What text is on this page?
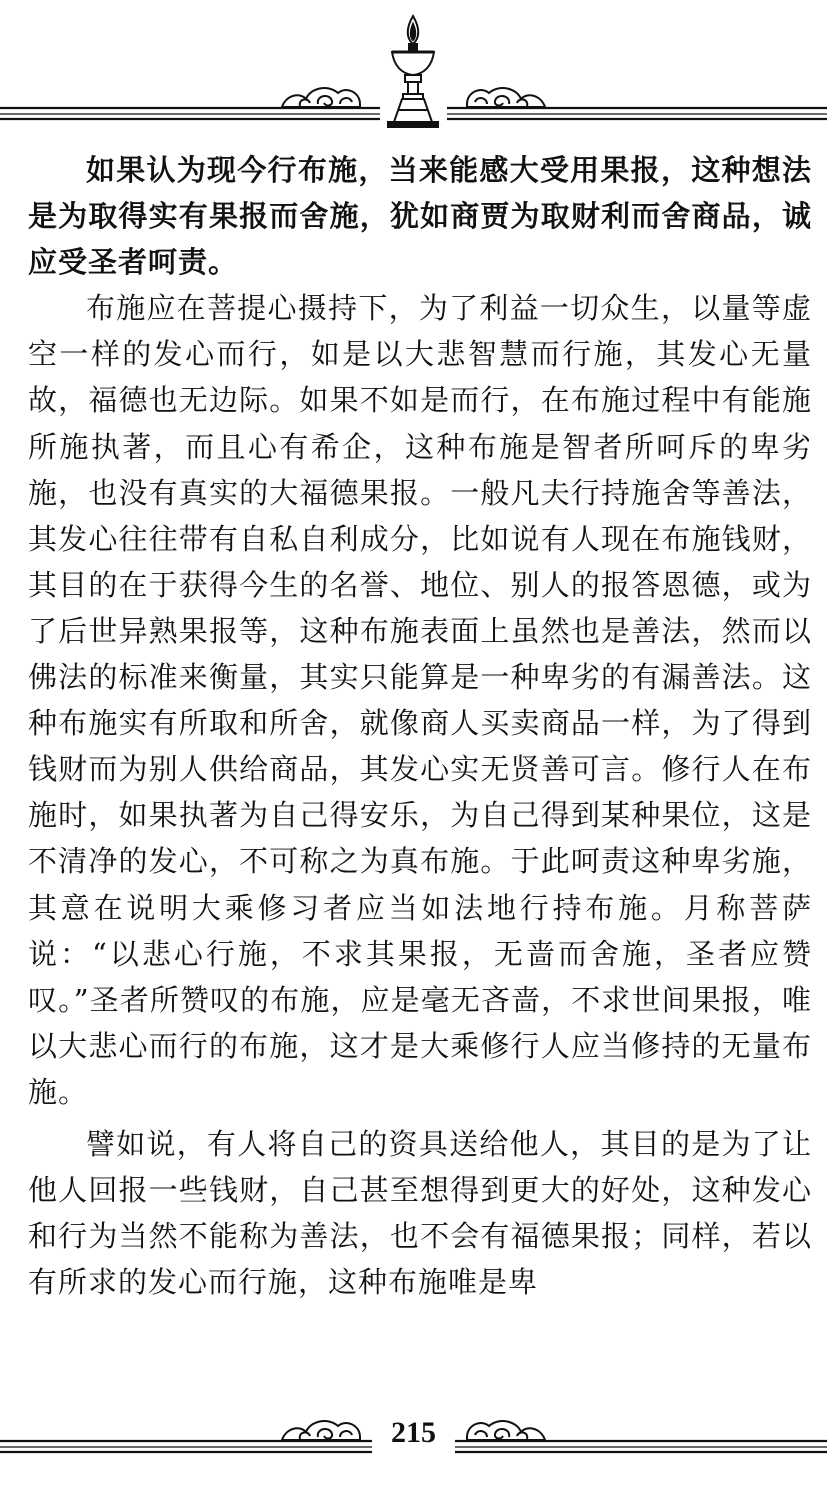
如果认为现今行布施，当来能感大受用果报，这种想法是为取得实有果报而舍施，犹如商贾为取财利而舍商品，诚应受圣者呵责。

布施应在菩提心摄持下，为了利益一切众生，以量等虚空一样的发心而行，如是以大悲智慧而行施，其发心无量故，福德也无边际。如果不如是而行，在布施过程中有能施所施执著，而且心有希企，这种布施是智者所呵斥的卑劣施，也没有真实的大福德果报。一般凡夫行持施舍等善法，其发心往往带有自私自利成分，比如说有人现在布施钱财，其目的在于获得今生的名誉、地位、别人的报答恩德，或为了后世异熟果报等，这种布施表面上虽然也是善法，然而以佛法的标准来衡量，其实只能算是一种卑劣的有漏善法。这种布施实有所取和所舍，就像商人买卖商品一样，为了得到钱财而为别人供给商品，其发心实无贤善可言。修行人在布施时，如果执著为自己得安乐，为自己得到某种果位，这是不清净的发心，不可称之为真布施。于此呵责这种卑劣施，其意在说明大乘修习者应当如法地行持布施。月称菩萨说：“以悲心行施，不求其果报，无啬而舍施，圣者应赞叹。”圣者所赞叹的布施，应是毫无吝啬，不求世间果报，唯以大悲心而行的布施，这才是大乘修行人应当修持的无量布施。

譬如说，有人将自己的资具送给他人，其目的是为了让他人回报一些钱财，自己甚至想得到更大的好处，这种发心和行为当然不能称为善法，也不会有福德果报；同样，若以有所求的发心而行施，这种布施唯是卑

215
